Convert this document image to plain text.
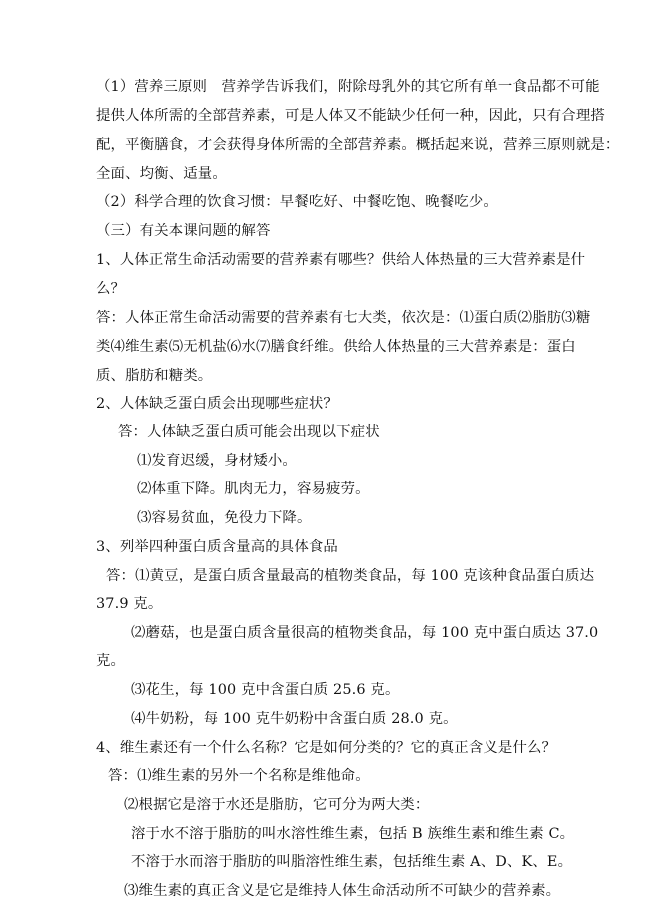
（1）营养三原则　营养学告诉我们，附除母乳外的其它所有单一食品都不可能
提供人体所需的全部营养素，可是人体又不能缺少任何一种，因此，只有合理搭
配，平衡膳食，才会获得身体所需的全部营养素。概括起来说，营养三原则就是：
全面、均衡、适量。
（2）科学合理的饮食习惯：早餐吃好、中餐吃饱、晚餐吃少。
（三）有关本课问题的解答
1、人体正常生命活动需要的营养素有哪些？供给人体热量的三大营养素是什
么？
答：人体正常生命活动需要的营养素有七大类，依次是：⑴蛋白质⑵脂肪⑶糖
类⑷维生素⑸无机盐⑹水⑺膳食纤维。供给人体热量的三大营养素是：蛋白
质、脂肪和糖类。
2、人体缺乏蛋白质会出现哪些症状？
答：人体缺乏蛋白质可能会出现以下症状
⑴发育迟缓，身材矮小。
⑵体重下降。肌肉无力，容易疲劳。
⑶容易贫血，免役力下降。
3、列举四种蛋白质含量高的具体食品
答：⑴黄豆，是蛋白质含量最高的植物类食品，每 100 克该种食品蛋白质达
37.9 克。
⑵蘑菇，也是蛋白质含量很高的植物类食品，每 100 克中蛋白质达 37.0
克。
⑶花生，每 100 克中含蛋白质 25.6 克。
⑷牛奶粉，每 100 克牛奶粉中含蛋白质 28.0 克。
4、维生素还有一个什么名称？它是如何分类的？它的真正含义是什么？
答：⑴维生素的另外一个名称是维他命。
⑵根据它是溶于水还是脂肪，它可分为两大类：
溶于水不溶于脂肪的叫水溶性维生素，包括 B 族维生素和维生素 C。
不溶于水而溶于脂肪的叫脂溶性维生素，包括维生素 A、D、K、E。
⑶维生素的真正含义是它是维持人体生命活动所不可缺少的营养素。
